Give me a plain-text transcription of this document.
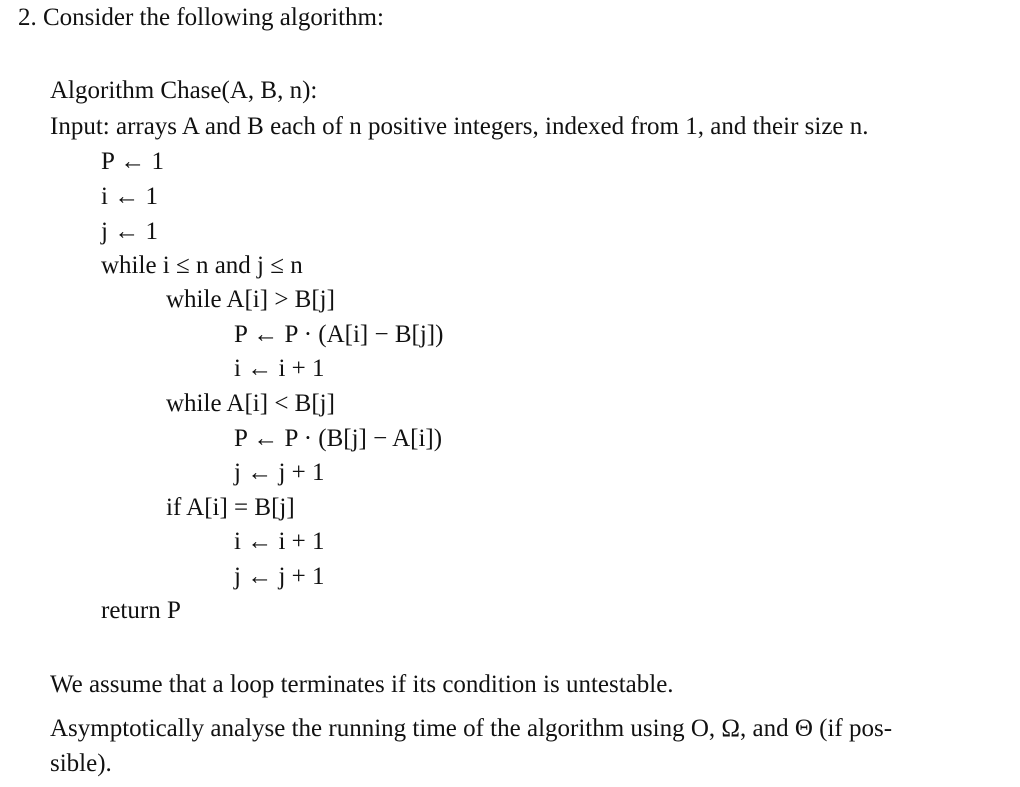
2. Consider the following algorithm:
Algorithm Chase(A, B, n):
Input: arrays A and B each of n positive integers, indexed from 1, and their size n.
P ← 1
i ← 1
j ← 1
while i ≤ n and j ≤ n
while A[i] > B[j]
P ← P · (A[i] − B[j])
i ← i + 1
while A[i] < B[j]
P ← P · (B[j] − A[i])
j ← j + 1
if A[i] = B[j]
i ← i + 1
j ← j + 1
return P
We assume that a loop terminates if its condition is untestable.
Asymptotically analyse the running time of the algorithm using O, Ω, and Θ (if pos-
sible).
